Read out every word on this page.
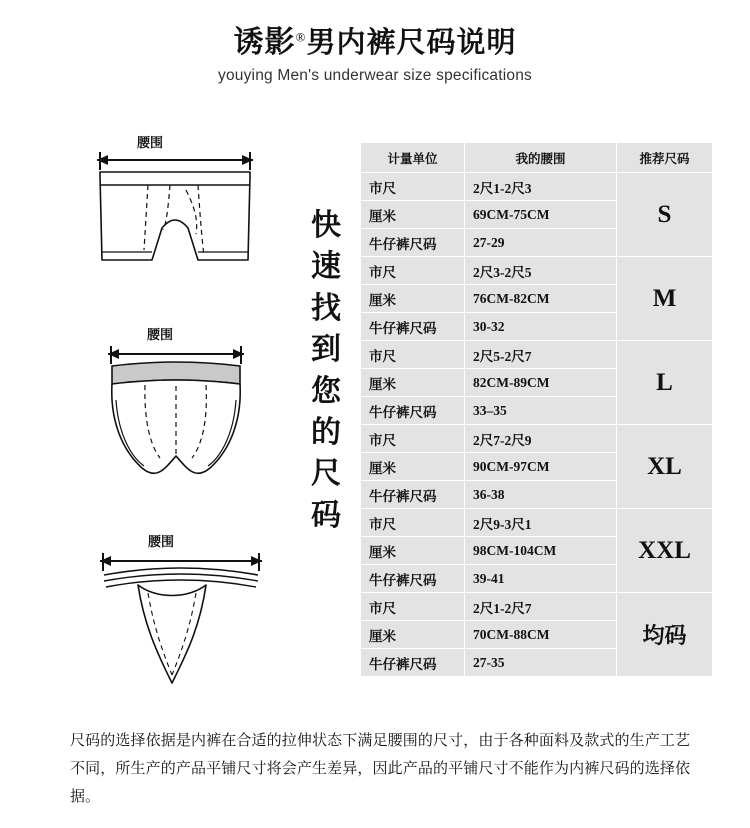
诱影®男内裤尺码说明
youying Men's underwear size specifications
腰围
腰围
腰围
快
速
找
到
您
的
尺
码
计量单位	我的腰围	推荐尺码
市尺	2尺1-2尺3	S
厘米	69CM-75CM	
牛仔裤尺码	27-29	
市尺	2尺3-2尺5	M
厘米	76CM-82CM	
牛仔裤尺码	30-32	
市尺	2尺5-2尺7	L
厘米	82CM-89CM	
牛仔裤尺码	33–35	
市尺	2尺7-2尺9	XL
厘米	90CM-97CM	
牛仔裤尺码	36-38	
市尺	2尺9-3尺1	XXL
厘米	98CM-104CM	
牛仔裤尺码	39-41	
市尺	2尺1-2尺7	均码
厘米	70CM-88CM	
牛仔裤尺码	27-35	
尺码的选择依据是内裤在合适的拉伸状态下满足腰围的尺寸，由于各种面料及款式的生产工艺不同，所生产的产品平铺尺寸将会产生差异，因此产品的平铺尺寸不能作为内裤尺码的选择依据。
